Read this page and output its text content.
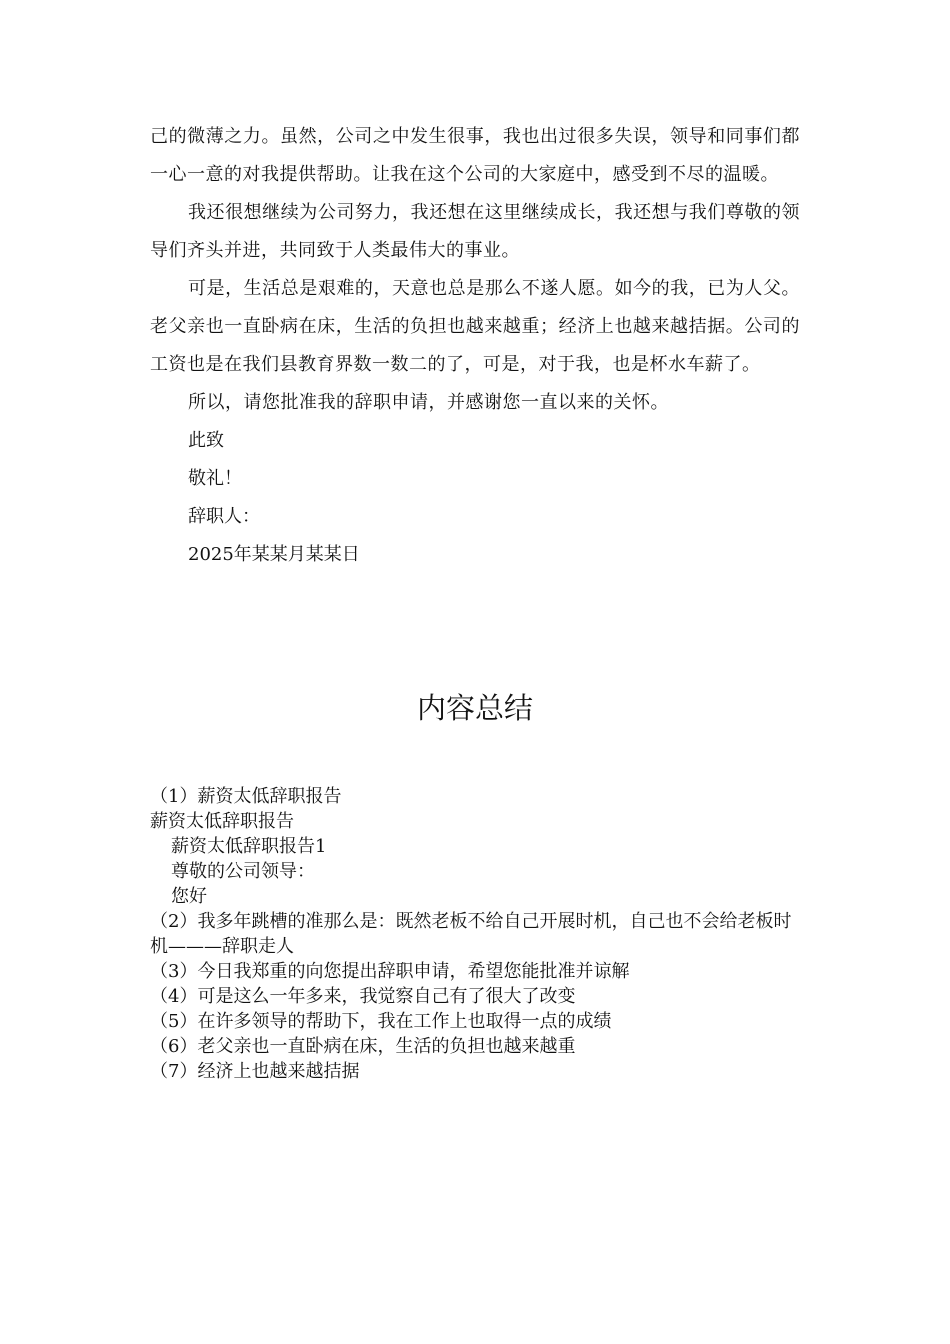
己的微薄之力。虽然，公司之中发生很事，我也出过很多失误，领导和同事们都一心一意的对我提供帮助。让我在这个公司的大家庭中，感受到不尽的温暖。

我还很想继续为公司努力，我还想在这里继续成长，我还想与我们尊敬的领导们齐头并进，共同致于人类最伟大的事业。

可是，生活总是艰难的，天意也总是那么不遂人愿。如今的我，已为人父。老父亲也一直卧病在床，生活的负担也越来越重；经济上也越来越拮据。公司的工资也是在我们县教育界数一数二的了，可是，对于我，也是杯水车薪了。

所以，请您批准我的辞职申请，并感谢您一直以来的关怀。

此致

敬礼！

辞职人：

2025年某某月某某日

内容总结

（1）薪资太低辞职报告

薪资太低辞职报告

薪资太低辞职报告1

尊敬的公司领导：

您好

（2）我多年跳槽的准那么是：既然老板不给自己开展时机，自己也不会给老板时机———辞职走人

（3）今日我郑重的向您提出辞职申请，希望您能批准并谅解

（4）可是这么一年多来，我觉察自己有了很大了改变

（5）在许多领导的帮助下，我在工作上也取得一点的成绩

（6）老父亲也一直卧病在床，生活的负担也越来越重

（7）经济上也越来越拮据
